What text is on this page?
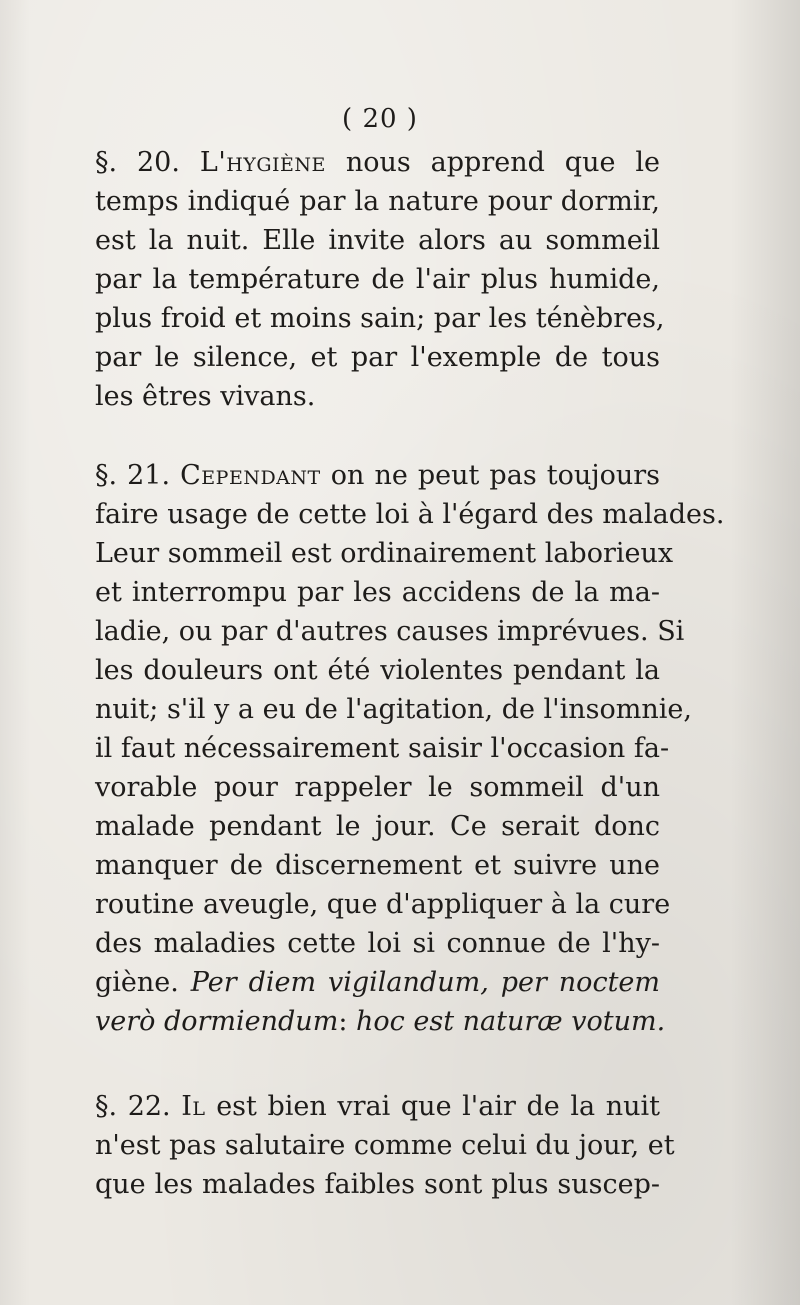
( 20 )
§. 20. L'hygiène nous apprend que le
temps indiqué par la nature pour dormir,
est la nuit. Elle invite alors au sommeil
par la température de l'air plus humide,
plus froid et moins sain; par les ténèbres,
par le silence, et par l'exemple de tous
les êtres vivans.
§. 21. Cependant on ne peut pas toujours
faire usage de cette loi à l'égard des malades.
Leur sommeil est ordinairement laborieux
et interrompu par les accidens de la ma-
ladie, ou par d'autres causes imprévues. Si
les douleurs ont été violentes pendant la
nuit; s'il y a eu de l'agitation, de l'insomnie,
il faut nécessairement saisir l'occasion fa-
vorable pour rappeler le sommeil d'un
malade pendant le jour. Ce serait donc
manquer de discernement et suivre une
routine aveugle, que d'appliquer à la cure
des maladies cette loi si connue de l'hy-
giène. Per diem vigilandum, per noctem
verò dormiendum: hoc est naturæ votum.
§. 22. Il est bien vrai que l'air de la nuit
n'est pas salutaire comme celui du jour, et
que les malades faibles sont plus suscep-
